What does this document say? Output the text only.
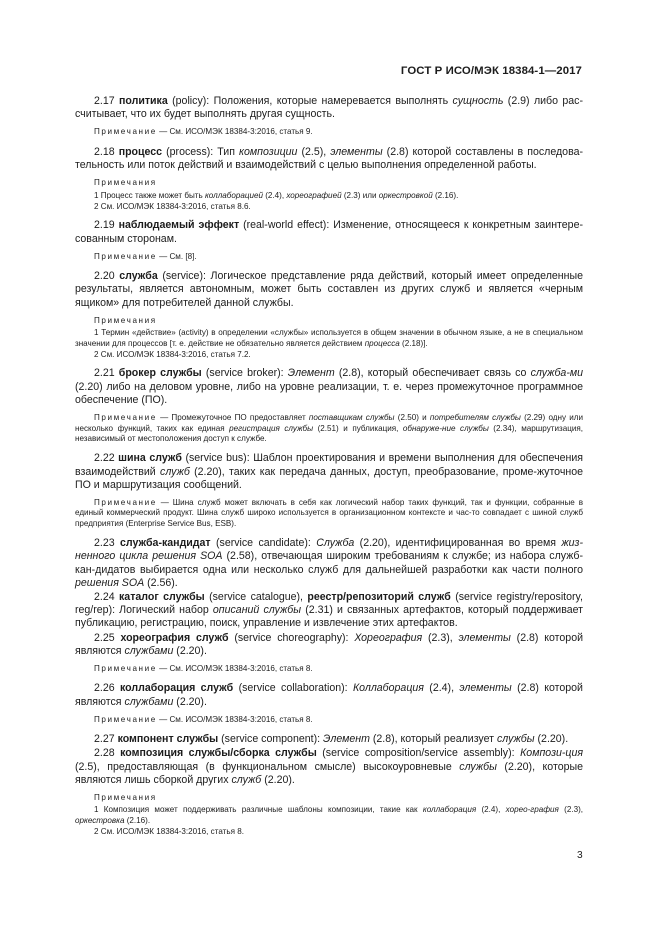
ГОСТ Р ИСО/МЭК 18384-1—2017

2.17 политика (policy): Положения, которые намеревается выполнять сущность (2.9) либо рас-считывает, что их будет выполнять другая сущность.

Примечание — См. ИСО/МЭК 18384-3:2016, статья 9.

2.18 процесс (process): Тип композиции (2.5), элементы (2.8) которой составлены в последова-тельность или поток действий и взаимодействий с целью выполнения определенной работы.

Примечания

1 Процесс также может быть коллаборацией (2.4), хореографией (2.3) или оркестровкой (2.16).

2 См. ИСО/МЭК 18384-3:2016, статья 8.6.

2.19 наблюдаемый эффект (real-world effect): Изменение, относящееся к конкретным заинтере-сованным сторонам.

Примечание — См. [8].

2.20 служба (service): Логическое представление ряда действий, который имеет определенные результаты, является автономным, может быть составлен из других служб и является «черным ящиком» для потребителей данной службы.

Примечания

1 Термин «действие» (activity) в определении «службы» используется в общем значении в обычном языке, а не в специальном значении для процессов [т. е. действие не обязательно является действием процесса (2.18)].

2 См. ИСО/МЭК 18384-3:2016, статья 7.2.

2.21 брокер службы (service broker): Элемент (2.8), который обеспечивает связь со служба-ми (2.20) либо на деловом уровне, либо на уровне реализации, т. е. через промежуточное программное обеспечение (ПО).

Примечание — Промежуточное ПО предоставляет поставщикам службы (2.50) и потребителям службы (2.29) одну или несколько функций, таких как единая регистрация службы (2.51) и публикация, обнаруже-ние службы (2.34), маршрутизация, независимый от местоположения доступ к службе.

2.22 шина служб (service bus): Шаблон проектирования и времени выполнения для обеспечения взаимодействий служб (2.20), таких как передача данных, доступ, преобразование, проме-жуточное ПО и маршрутизация сообщений.

Примечание — Шина служб может включать в себя как логический набор таких функций, так и функции, собранные в единый коммерческий продукт. Шина служб широко используется в организационном контексте и час-то совпадает с шиной служб предприятия (Enterprise Service Bus, ESB).

2.23 служба-кандидат (service candidate): Служба (2.20), идентифицированная во время жиз-ненного цикла решения SOA (2.58), отвечающая широким требованиям к службе; из набора служб-кан-дидатов выбирается одна или несколько служб для дальнейшей разработки как части полного решения SOA (2.56).

2.24 каталог службы (service catalogue), реестр/репозиторий служб (service registry/repository, reg/rep): Логический набор описаний службы (2.31) и связанных артефактов, который поддерживает публикацию, регистрацию, поиск, управление и извлечение этих артефактов.

2.25 хореография служб (service choreography): Хореография (2.3), элементы (2.8) которой являются службами (2.20).

Примечание — См. ИСО/МЭК 18384-3:2016, статья 8.

2.26 коллаборация служб (service collaboration): Коллаборация (2.4), элементы (2.8) которой являются службами (2.20).

Примечание — См. ИСО/МЭК 18384-3:2016, статья 8.

2.27 компонент службы (service component): Элемент (2.8), который реализует службы (2.20).

2.28 композиция службы/сборка службы (service composition/service assembly): Компози-ция (2.5), предоставляющая (в функциональном смысле) высокоуровневые службы (2.20), которые являются лишь сборкой других служб (2.20).

Примечания

1 Композиция может поддерживать различные шаблоны композиции, такие как коллаборация (2.4), хорео-графия (2.3), оркестровка (2.16).

2 См. ИСО/МЭК 18384-3:2016, статья 8.

3
